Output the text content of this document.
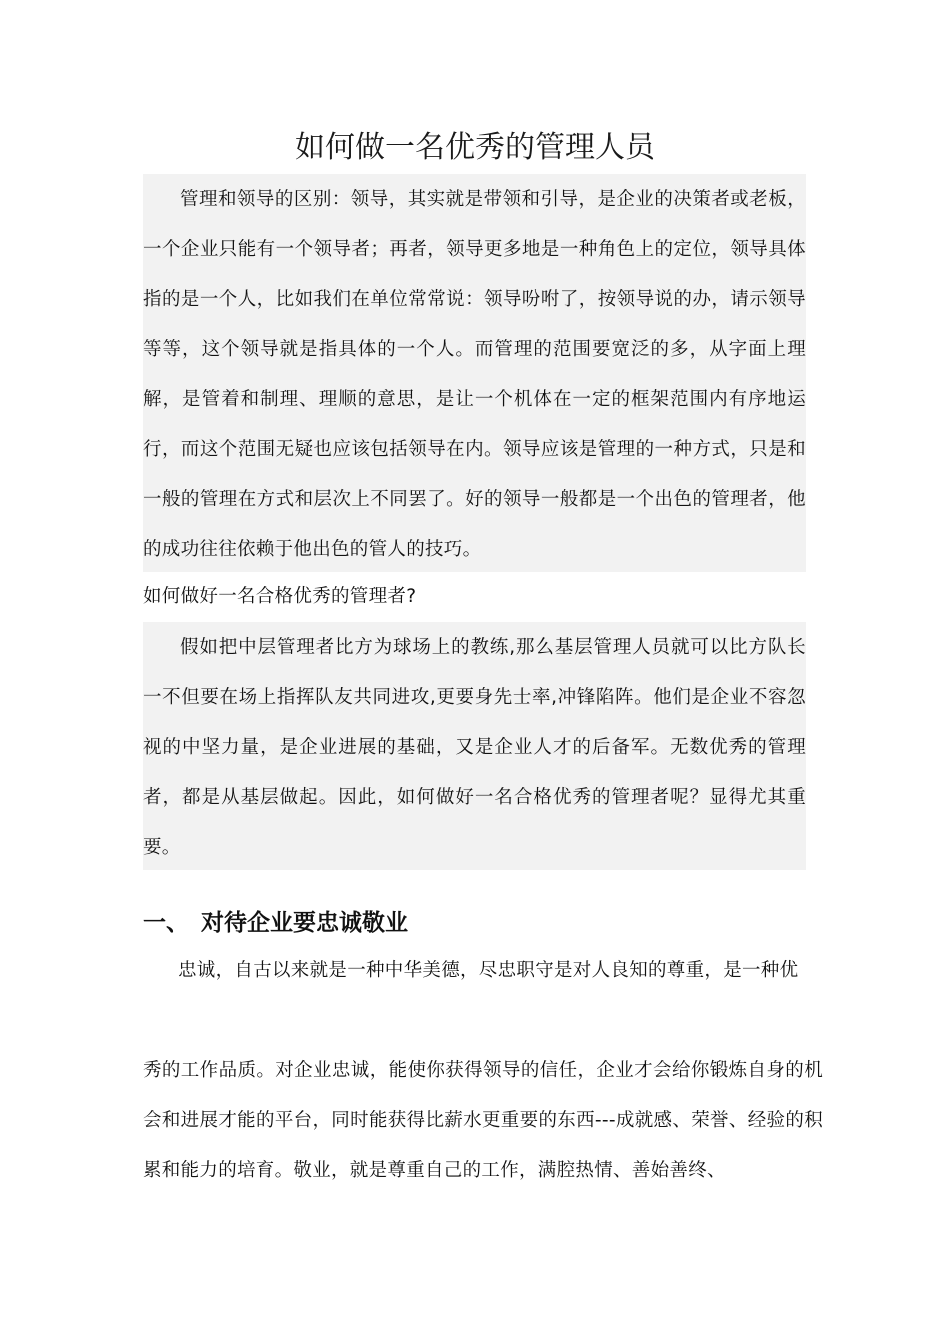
如何做一名优秀的管理人员

管理和领导的区别：领导，其实就是带领和引导，是企业的决策者或老板，一个企业只能有一个领导者；再者，领导更多地是一种角色上的定位，领导具体指的是一个人，比如我们在单位常常说：领导吩咐了，按领导说的办，请示领导等等，这个领导就是指具体的一个人。而管理的范围要宽泛的多，从字面上理解，是管着和制理、理顺的意思，是让一个机体在一定的框架范围内有序地运行，而这个范围无疑也应该包括领导在内。领导应该是管理的一种方式，只是和一般的管理在方式和层次上不同罢了。好的领导一般都是一个出色的管理者，他的成功往往依赖于他出色的管人的技巧。

如何做好一名合格优秀的管理者?

假如把中层管理者比方为球场上的教练,那么基层管理人员就可以比方队长一不但要在场上指挥队友共同进攻,更要身先士率,冲锋陷阵。他们是企业不容忽视的中坚力量，是企业进展的基础，又是企业人才的后备军。无数优秀的管理者，都是从基层做起。因此，如何做好一名合格优秀的管理者呢？显得尤其重要。

一、 对待企业要忠诚敬业

忠诚，自古以来就是一种中华美德，尽忠职守是对人良知的尊重，是一种优

秀的工作品质。对企业忠诚，能使你获得领导的信任，企业才会给你锻炼自身的机会和进展才能的平台，同时能获得比薪水更重要的东西---成就感、荣誉、经验的积累和能力的培育。敬业，就是尊重自己的工作，满腔热情、善始善终、
